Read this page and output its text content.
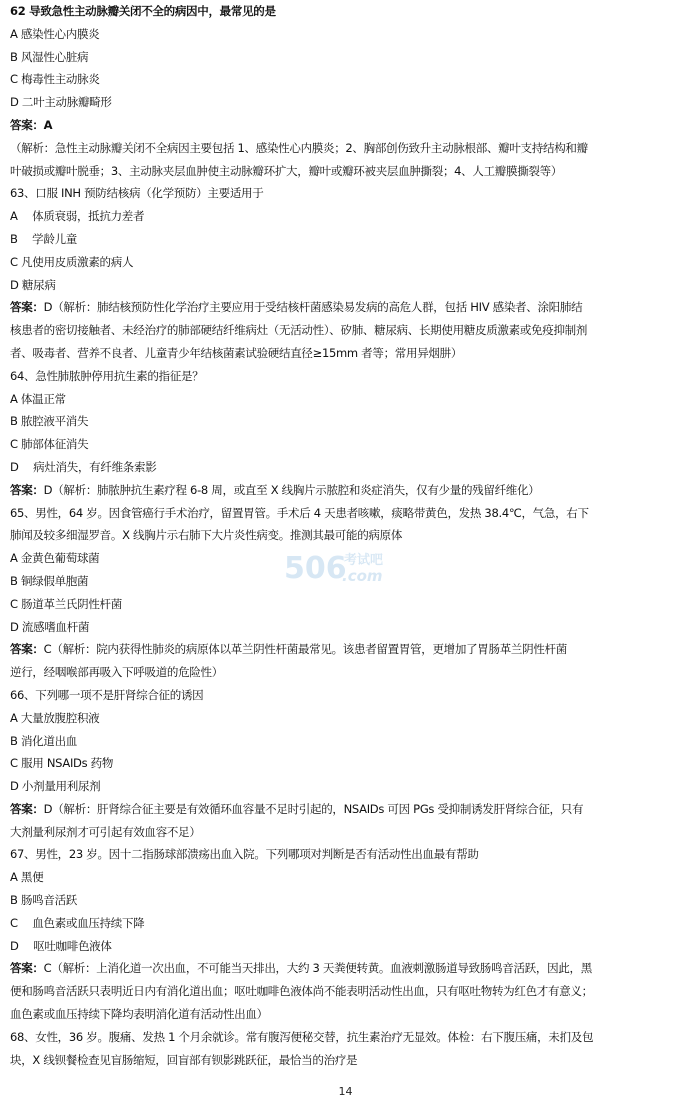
62 导致急性主动脉瓣关闭不全的病因中，最常见的是

A 感染性心内膜炎

B 风湿性心脏病

C 梅毒性主动脉炎

D 二叶主动脉瓣畸形

答案：A

（解析：急性主动脉瓣关闭不全病因主要包括 1、感染性心内膜炎；2、胸部创伤致升主动脉根部、瓣叶支持结构和瓣

叶破损或瓣叶脱垂；3、主动脉夹层血肿使主动脉瓣环扩大，瓣叶或瓣环被夹层血肿撕裂；4、人工瓣膜撕裂等）

63、口服 INH 预防结核病（化学预防）主要适用于

A 　体质衰弱，抵抗力差者

B 　学龄儿童

C 凡使用皮质激素的病人

D 糖尿病

答案：D（解析：肺结核预防性化学治疗主要应用于受结核杆菌感染易发病的高危人群，包括 HIV 感染者、涂阳肺结

核患者的密切接触者、未经治疗的肺部硬结纤维病灶（无活动性）、矽肺、糖尿病、长期使用糖皮质激素或免疫抑制剂

者、吸毒者、营养不良者、儿童青少年结核菌素试验硬结直径≥15mm 者等；常用异烟肼）

64、急性肺脓肿停用抗生素的指征是？

A 体温正常

B 脓腔液平消失

C 肺部体征消失

D 　病灶消失，有纤维条索影

答案：D（解析：肺脓肿抗生素疗程 6-8 周，或直至 X 线胸片示脓腔和炎症消失，仅有少量的残留纤维化）

65、男性，64 岁。因食管癌行手术治疗，留置胃管。手术后 4 天患者咳嗽，痰略带黄色，发热 38.4℃，气急，右下

肺闻及较多细湿罗音。X 线胸片示右肺下大片炎性病变。推测其最可能的病原体

A 金黄色葡萄球菌

B 铜绿假单胞菌

C 肠道革兰氏阴性杆菌

D 流感嗜血杆菌

答案：C（解析：院内获得性肺炎的病原体以革兰阴性杆菌最常见。该患者留置胃管，更增加了胃肠革兰阴性杆菌

逆行，经咽喉部再吸入下呼吸道的危险性）

66、下列哪一项不是肝肾综合征的诱因

A 大量放腹腔积液

B 消化道出血

C 服用 NSAIDs 药物

D 小剂量用利尿剂

答案：D（解析：肝肾综合征主要是有效循环血容量不足时引起的，NSAIDs 可因 PGs 受抑制诱发肝肾综合征，只有

大剂量利尿剂才可引起有效血容不足）

67、男性，23 岁。因十二指肠球部溃疡出血入院。下列哪项对判断是否有活动性出血最有帮助

A 黑便

B 肠鸣音活跃

C 　血色素或血压持续下降

D 　呕吐咖啡色液体

答案：C（解析：上消化道一次出血，不可能当天排出，大约 3 天粪便转黄。血液刺激肠道导致肠鸣音活跃，因此，黑

便和肠鸣音活跃只表明近日内有消化道出血；呕吐咖啡色液体尚不能表明活动性出血，只有呕吐物转为红色才有意义；

血色素或血压持续下降均表明消化道有活动性出血）

68、女性，36 岁。腹痛、发热 1 个月余就诊。常有腹泻便秘交替，抗生素治疗无显效。体检：右下腹压痛，未扪及包

块，X 线钡餐检查见盲肠缩短，回盲部有钡影跳跃征，最恰当的治疗是

506
考试吧
.com
14
